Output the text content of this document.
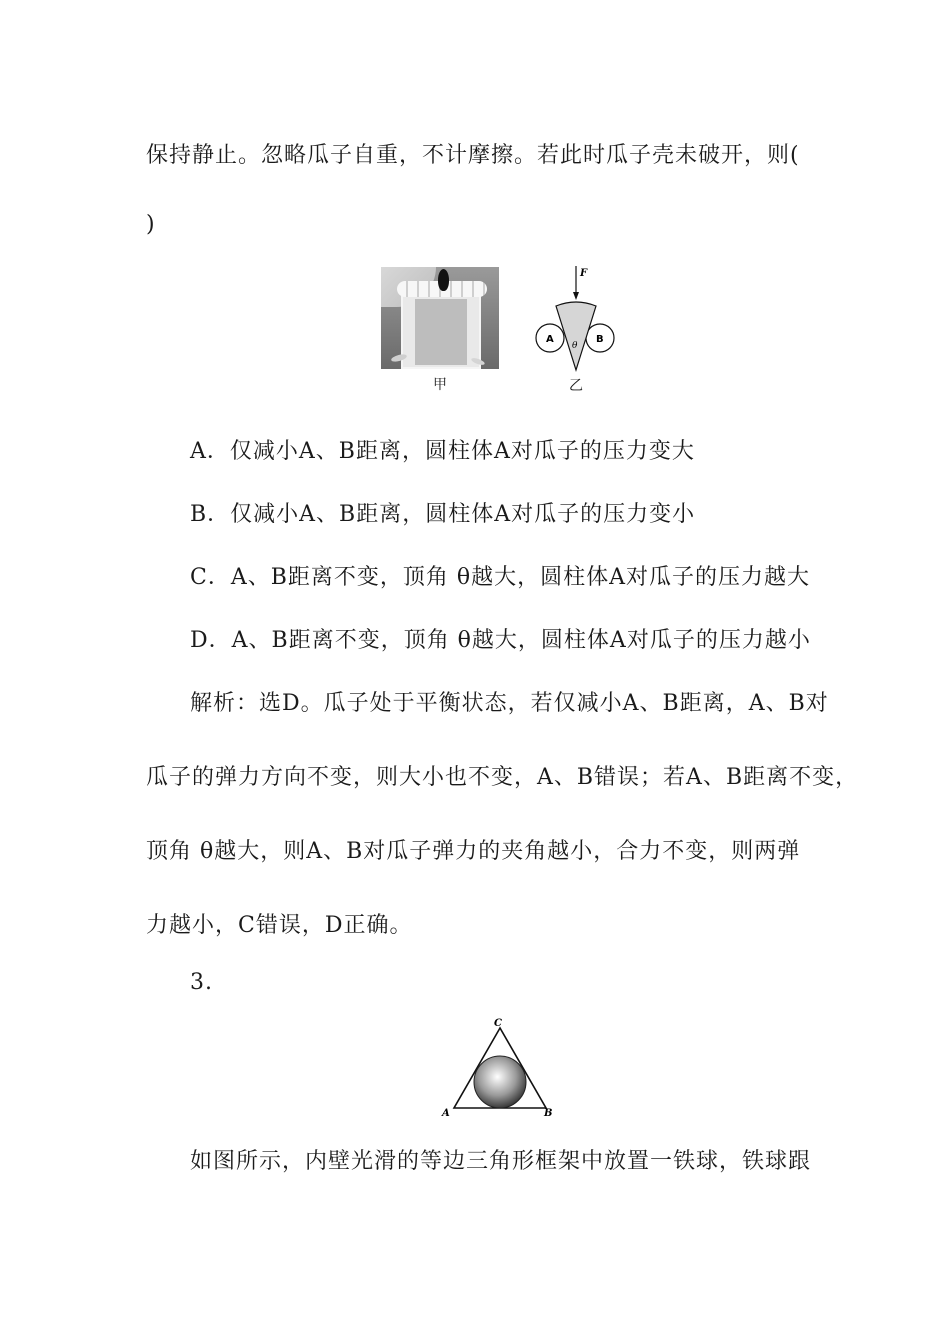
保持静止。忽略瓜子自重，不计摩擦。若此时瓜子壳未破开，则(
)
甲
F
A	B
θ
乙
A．仅减小A、B距离，圆柱体A对瓜子的压力变大
B．仅减小A、B距离，圆柱体A对瓜子的压力变小
C．A、B距离不变，顶角 θ越大，圆柱体A对瓜子的压力越大
D．A、B距离不变，顶角 θ越大，圆柱体A对瓜子的压力越小
解析：选D。瓜子处于平衡状态，若仅减小A、B距离，A、B对
瓜子的弹力方向不变，则大小也不变，A、B错误；若A、B距离不变，
顶角 θ越大，则A、B对瓜子弹力的夹角越小，合力不变，则两弹
力越小，C错误，D正确。
3.
C
A	B
如图所示，内壁光滑的等边三角形框架中放置一铁球，铁球跟
